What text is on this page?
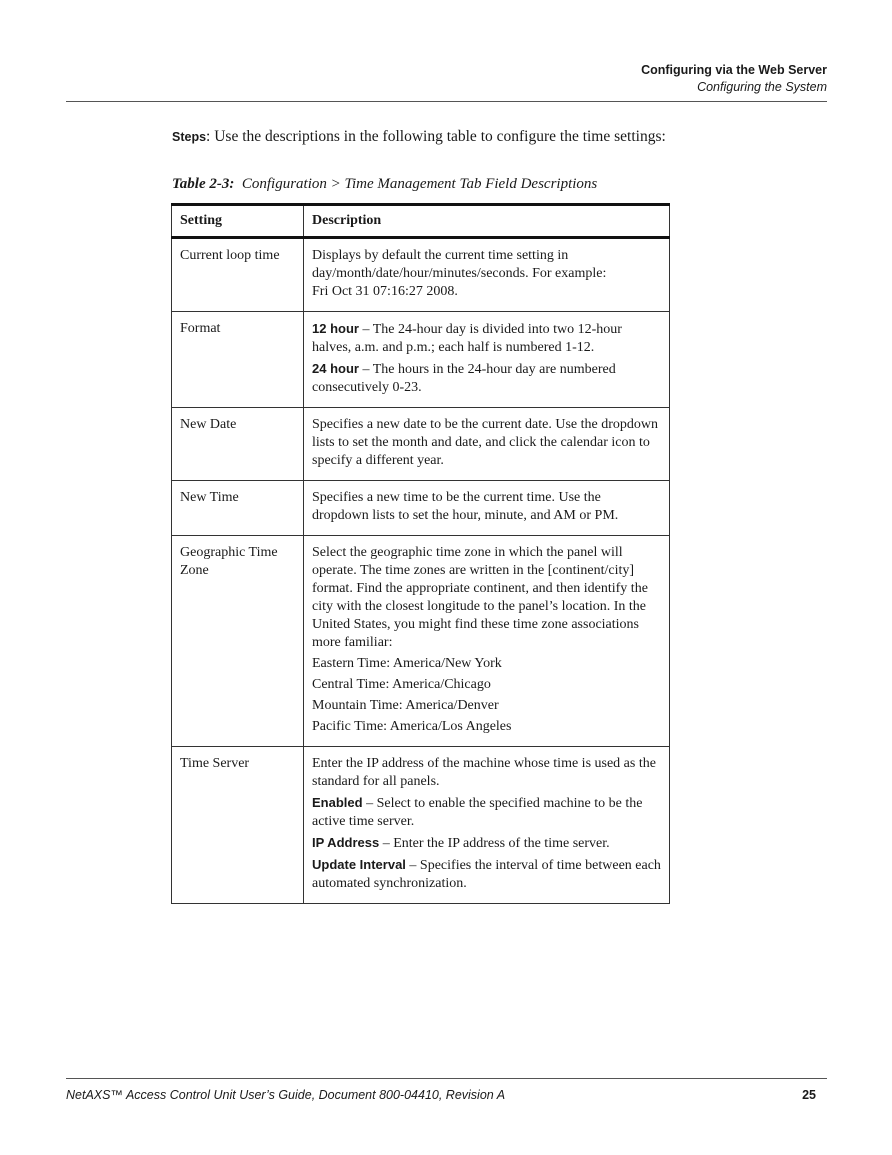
Configuring via the Web Server
Configuring the System
Steps: Use the descriptions in the following table to configure the time settings:
Table 2-3: Configuration > Time Management Tab Field Descriptions
Setting	Description
Current loop time	Displays by default the current time setting in day/month/date/hour/minutes/seconds. For example:
Fri Oct 31 07:16:27 2008.

Format	12 hour – The 24-hour day is divided into two 12-hour halves, a.m. and p.m.; each half is numbered 1-12.

24 hour – The hours in the 24-hour day are numbered consecutively 0-23.

New Date	Specifies a new date to be the current date. Use the dropdown lists to set the month and date, and click the calendar icon to specify a different year.
New Time	Specifies a new time to be the current time. Use the dropdown lists to set the hour, minute, and AM or PM.
Geographic Time Zone	Select the geographic time zone in which the panel will operate. The time zones are written in the [continent/city] format. Find the appropriate continent, and then identify the city with the closest longitude to the panel’s location. In the United States, you might find these time zone associations more familiar:

Eastern Time: America/New York

Central Time: America/Chicago

Mountain Time: America/Denver

Pacific Time: America/Los Angeles

Time Server	Enter the IP address of the machine whose time is used as the standard for all panels.

Enabled – Select to enable the specified machine to be the active time server.

IP Address – Enter the IP address of the time server.

Update Interval – Specifies the interval of time between each automated synchronization.

NetAXS™ Access Control Unit User’s Guide, Document 800-04410, Revision A	25
